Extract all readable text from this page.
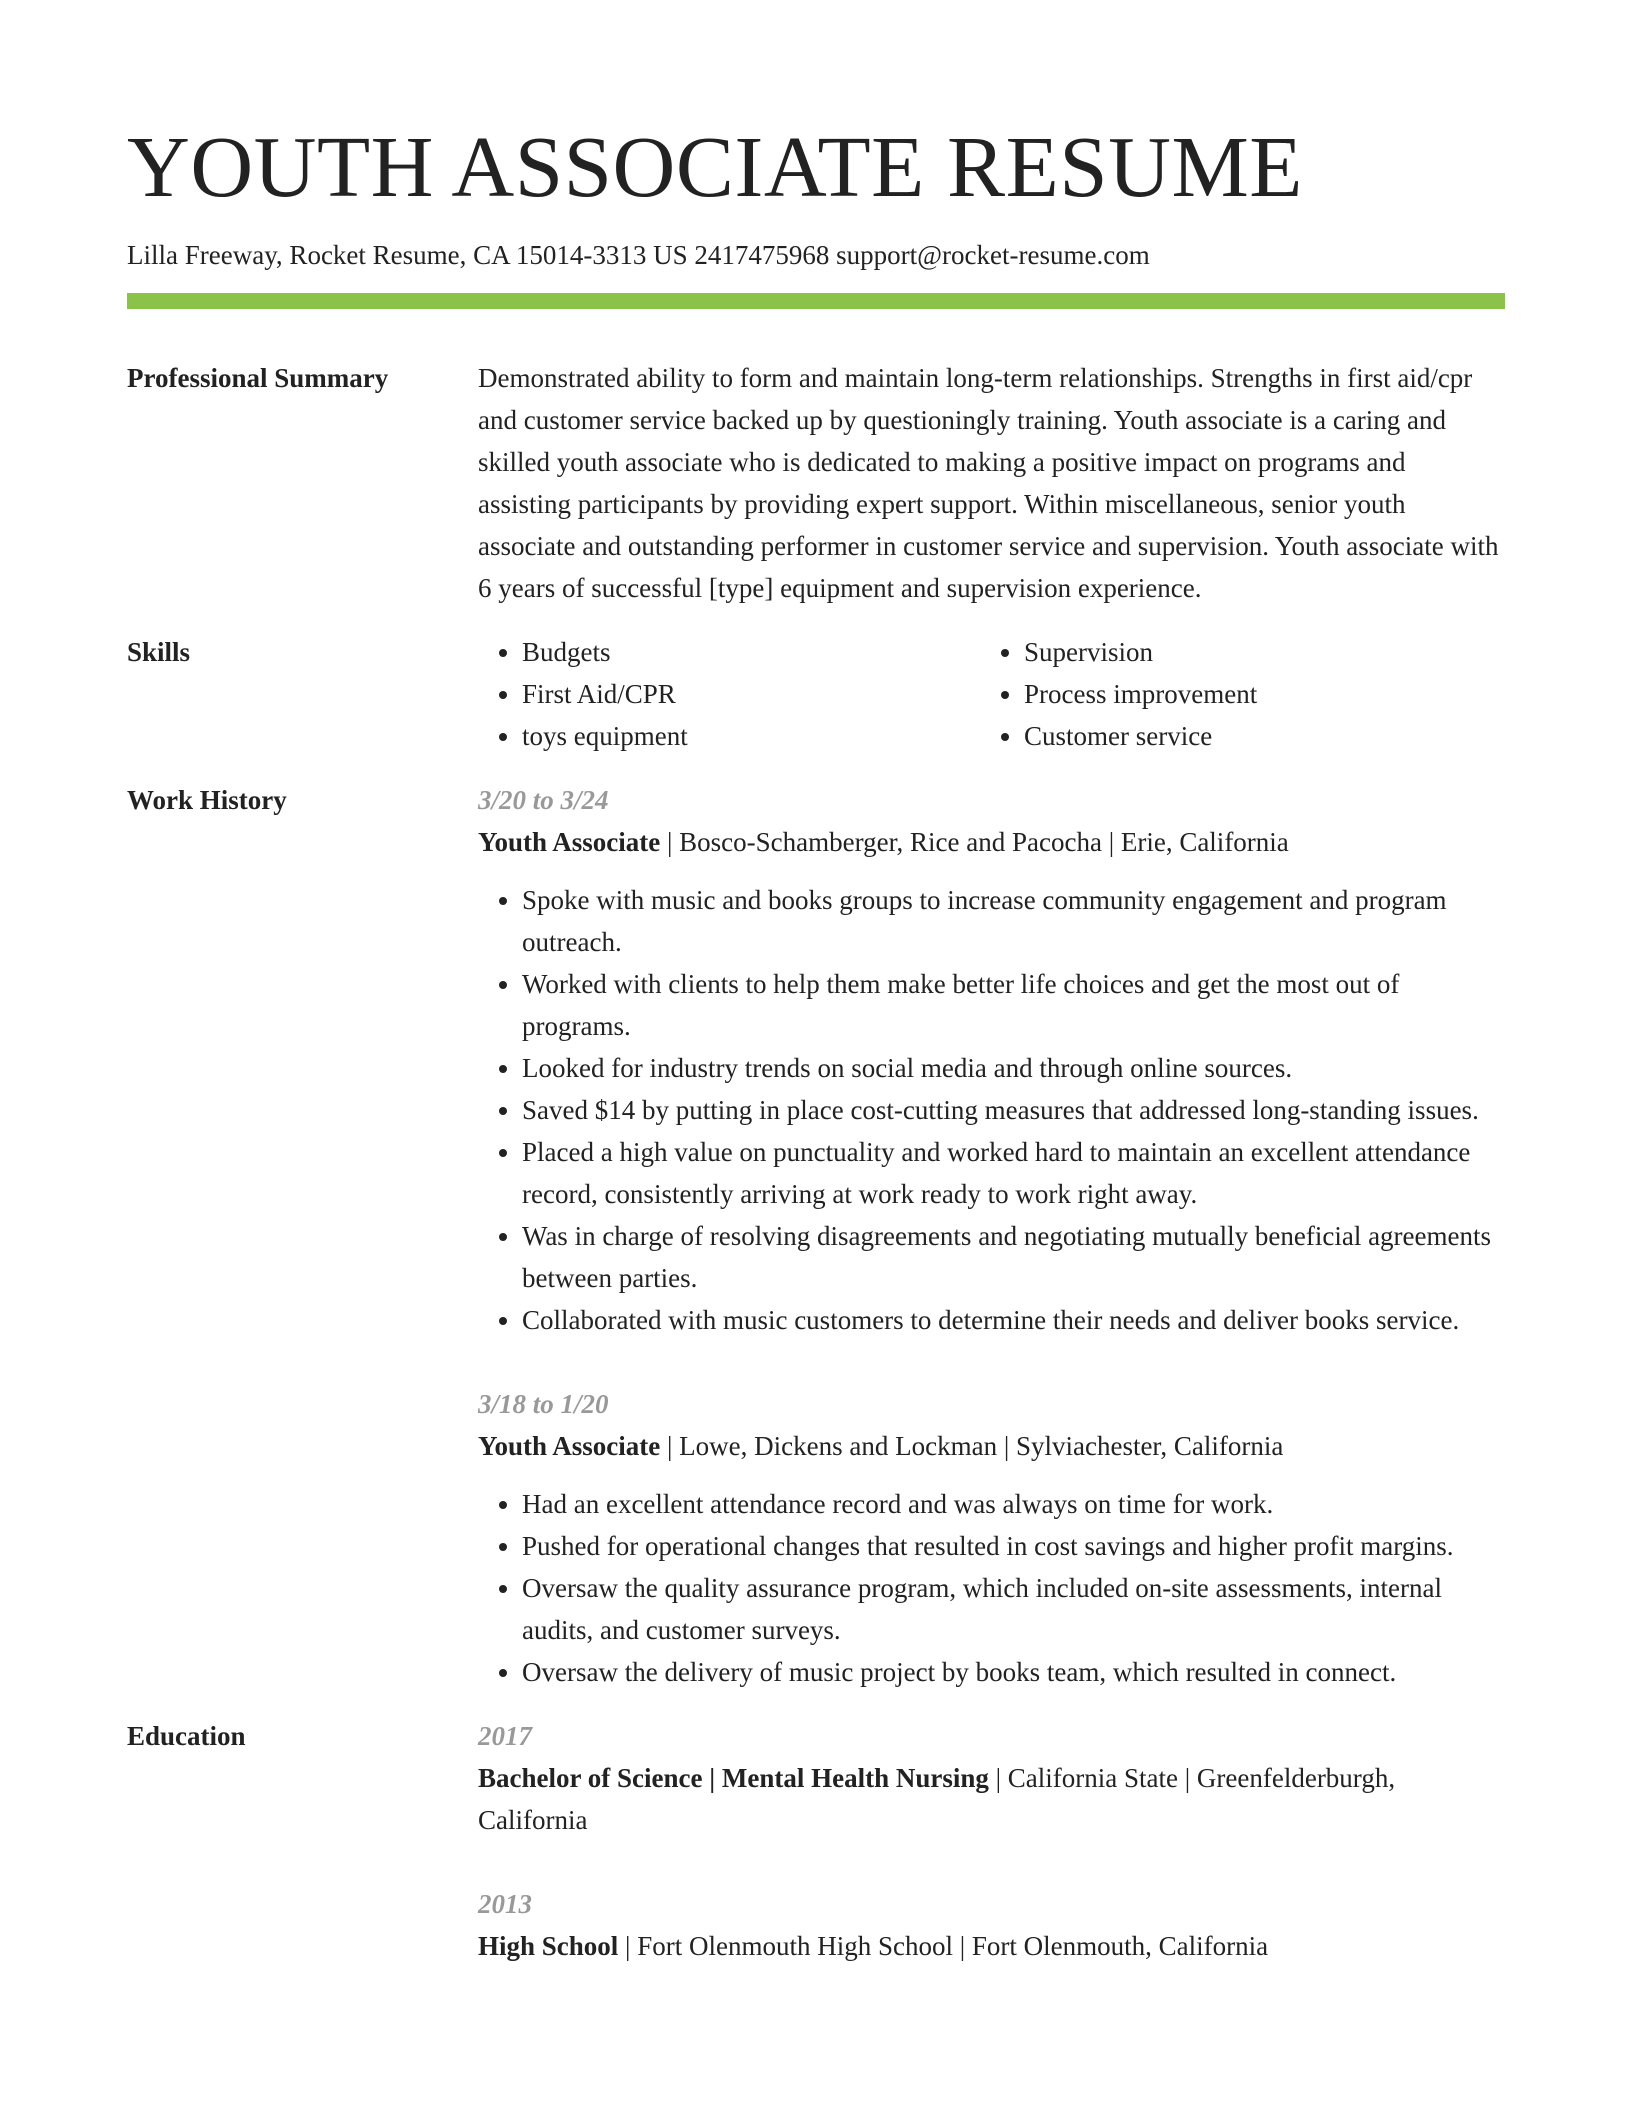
YOUTH ASSOCIATE RESUME
Lilla Freeway, Rocket Resume, CA 15014-3313 US 2417475968 support@rocket-resume.com
Professional Summary	Demonstrated ability to form and maintain long-term relationships. Strengths in first aid/cpr and customer service backed up by questioningly training. Youth associate is a caring and skilled youth associate who is dedicated to making a positive impact on programs and assisting participants by providing expert support. Within miscellaneous, senior youth associate and outstanding performer in customer service and supervision. Youth associate with 6 years of successful [type] equipment and supervision experience.
Skills
•	Budgets
• First Aid/CPR
• toys equipment
• Supervision
• Process improvement
• Customer service
Work History	3/20 to 3/24
Youth Associate | Bosco-Schamberger, Rice and Pacocha | Erie, California
• Spoke with music and books groups to increase community engagement and program outreach.
• Worked with clients to help them make better life choices and get the most out of programs.
• Looked for industry trends on social media and through online sources.
• Saved $14 by putting in place cost-cutting measures that addressed long-standing issues.
• Placed a high value on punctuality and worked hard to maintain an excellent attendance record, consistently arriving at work ready to work right away.
• Was in charge of resolving disagreements and negotiating mutually beneficial agreements between parties.
• Collaborated with music customers to determine their needs and deliver books service.
3/18 to 1/20
Youth Associate | Lowe, Dickens and Lockman | Sylviachester, California
• Had an excellent attendance record and was always on time for work.
• Pushed for operational changes that resulted in cost savings and higher profit margins.
• Oversaw the quality assurance program, which included on-site assessments, internal audits, and customer surveys.
• Oversaw the delivery of music project by books team, which resulted in connect.
Education	2017
Bachelor of Science | Mental Health Nursing | California State | Greenfelderburgh, California
2013
High School | Fort Olenmouth High School | Fort Olenmouth, California
